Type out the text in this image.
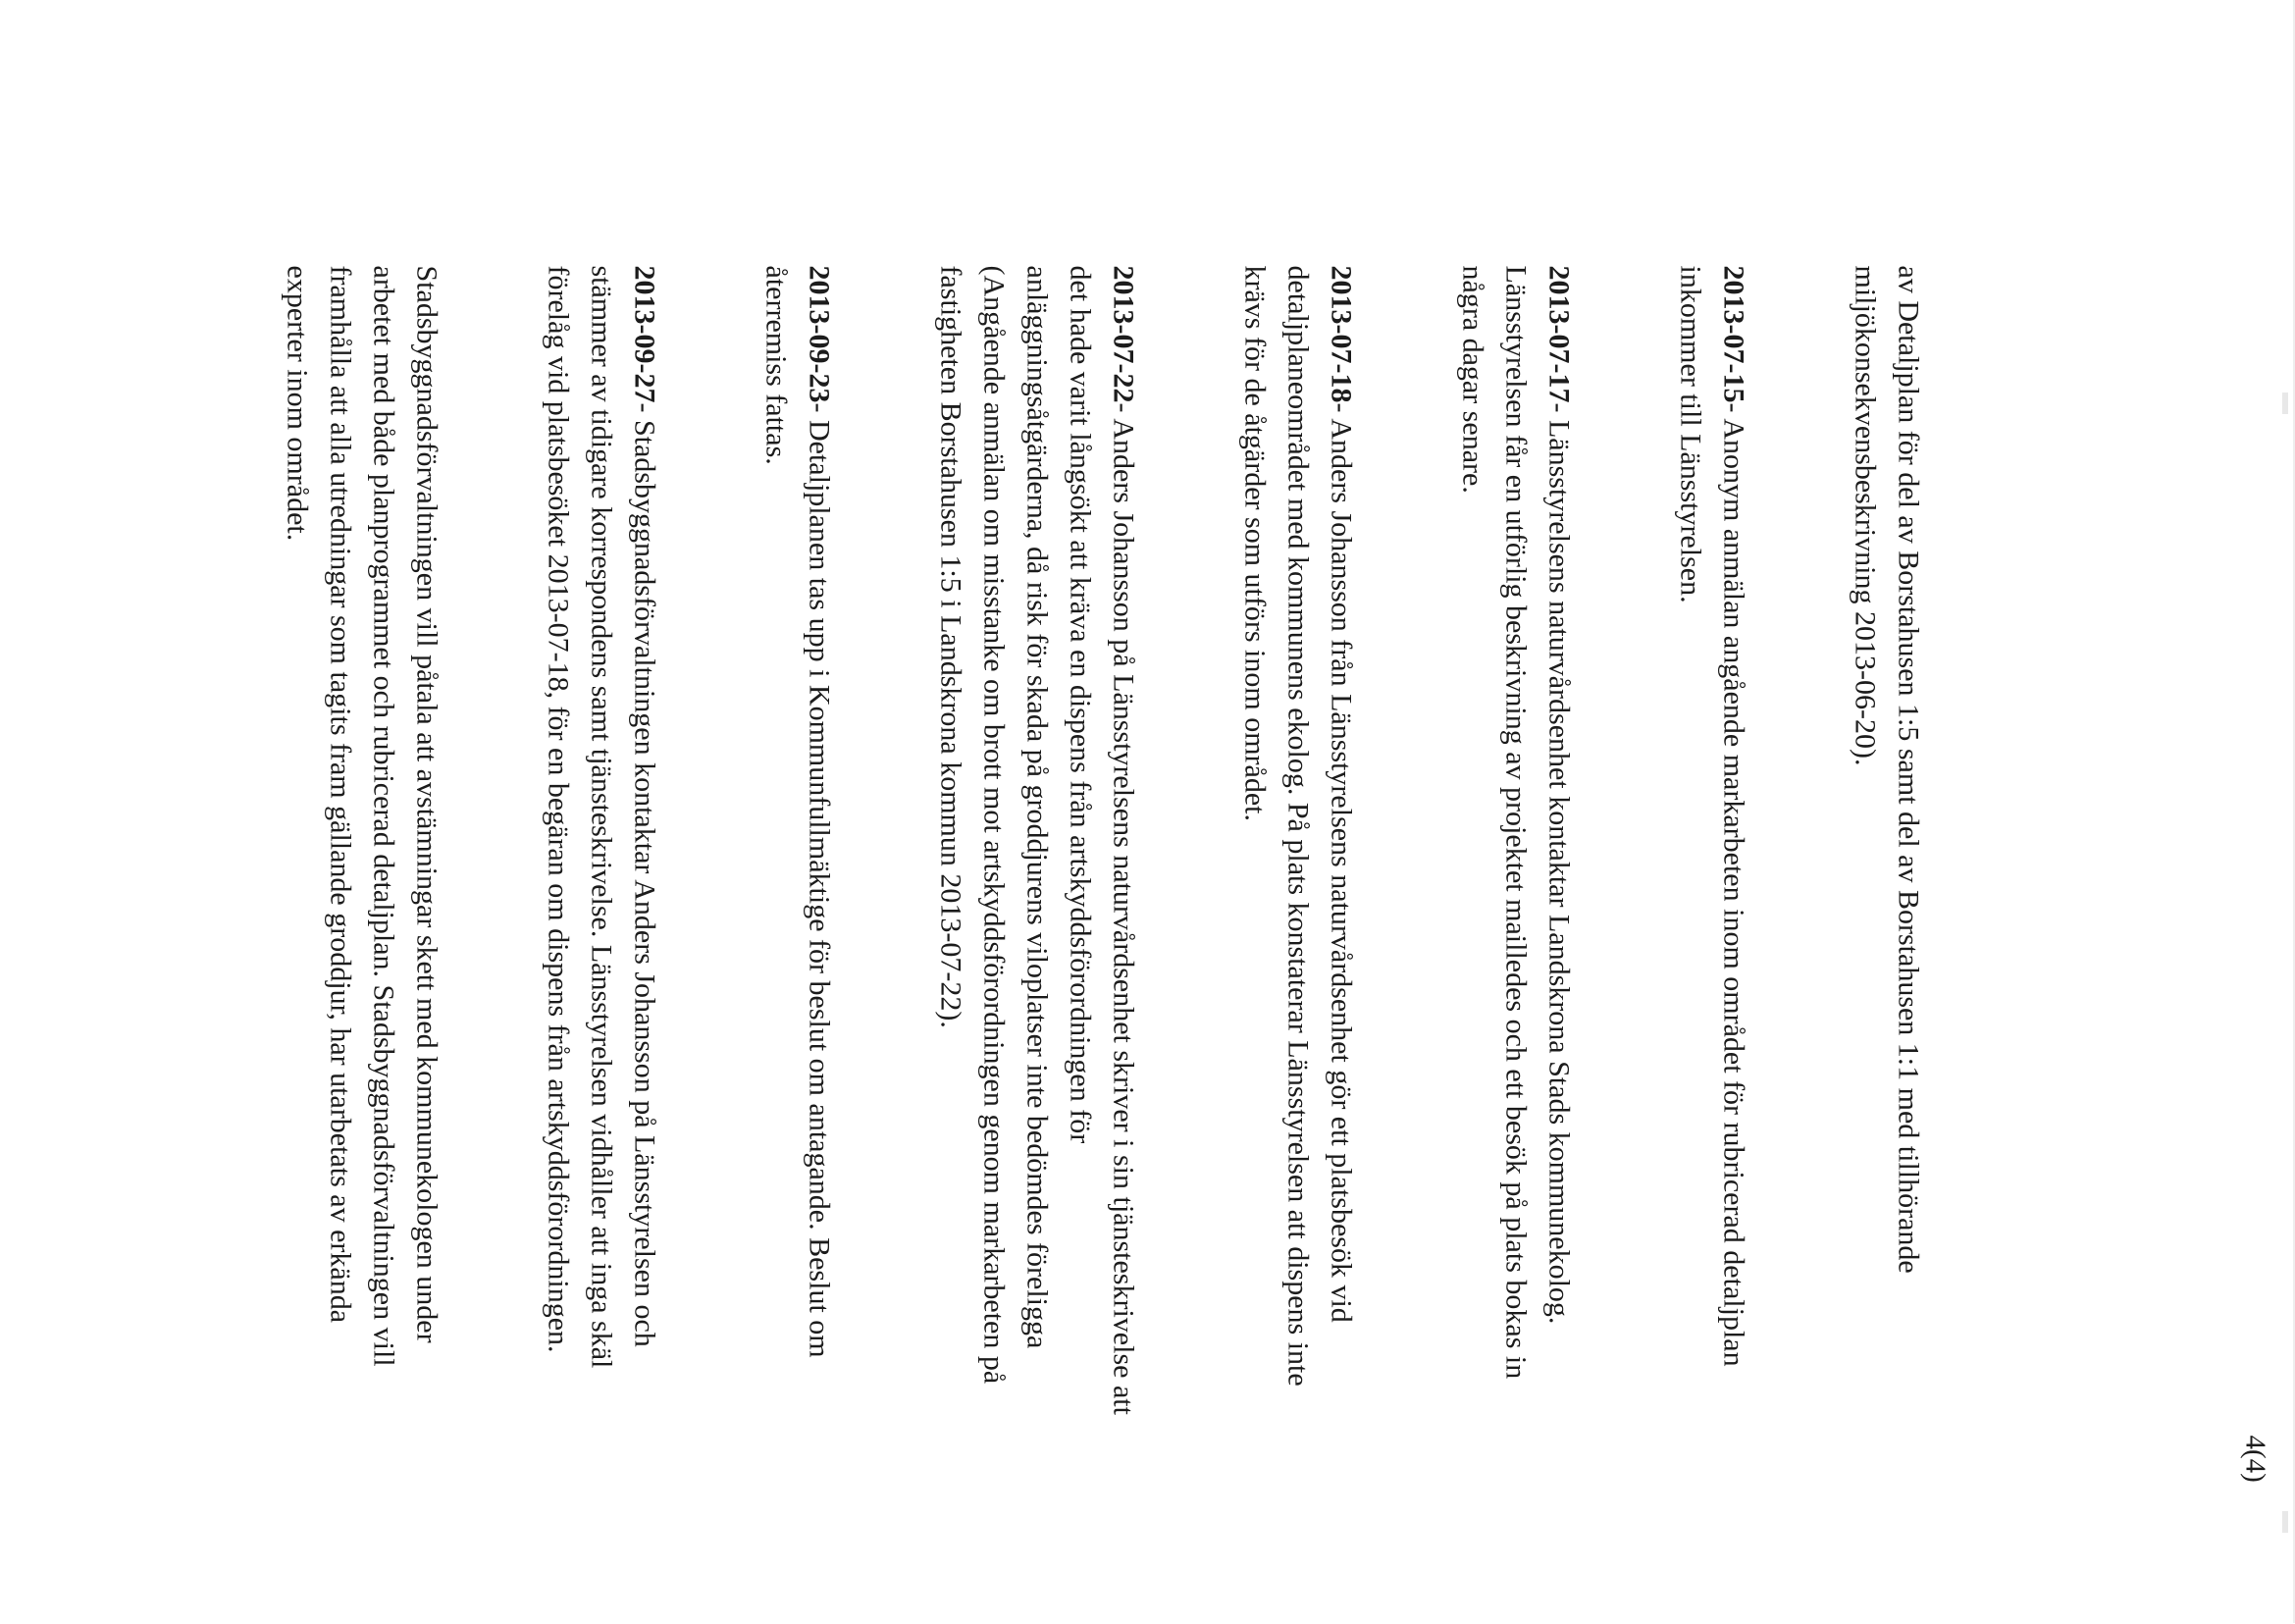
4(4)

av Detaljplan för del av Borstahusen 1:5 samt del av Borstahusen 1:1 med tillhörande miljökonsekvensbeskrivning 2013-06-20).

2013-07-15- Anonym anmälan angående markarbeten inom området för rubricerad detaljplan inkommer till Länsstyrelsen.

2013-07-17- Länsstyrelsens naturvårdsenhet kontaktar Landskrona Stads kommunekolog. Länsstyrelsen får en utförlig beskrivning av projektet mailledes och ett besök på plats bokas in några dagar senare.

2013-07-18- Anders Johansson från Länsstyrelsens naturvårdsenhet gör ett platsbesök vid detaljplaneområdet med kommunens ekolog. På plats konstaterar Länsstyrelsen att dispens inte krävs för de åtgärder som utförs inom området.

2013-07-22- Anders Johansson på Länsstyrelsens naturvårdsenhet skriver i sin tjänsteskrivelse att det hade varit långsökt att kräva en dispens från artskyddsförordningen för anläggningsåtgärderna, då risk för skada på groddjurens viloplatser inte bedömdes föreligga (Angående anmälan om misstanke om brott mot artskyddsförordningen genom markarbeten på fastigheten Borstahusen 1:5 i Landskrona kommun 2013-07-22).

2013-09-23- Detaljplanen tas upp i Kommunfullmäktige för beslut om antagande. Beslut om återremiss fattas.

2013-09-27- Stadsbyggnadsförvaltningen kontaktar Anders Johansson på Länsstyrelsen och stämmer av tidigare korrespondens samt tjänsteskrivelse. Länsstyrelsen vidhåller att inga skäl förelåg vid platsbesöket 2013-07-18, för en begäran om dispens från artskyddsförordningen.

Stadsbyggnadsförvaltningen vill påtala att avstämningar skett med kommunekologen under arbetet med både planprogrammet och rubricerad detaljplan. Stadsbyggnadsförvaltningen vill framhålla att alla utredningar som tagits fram gällande groddjur, har utarbetats av erkända experter inom området.
